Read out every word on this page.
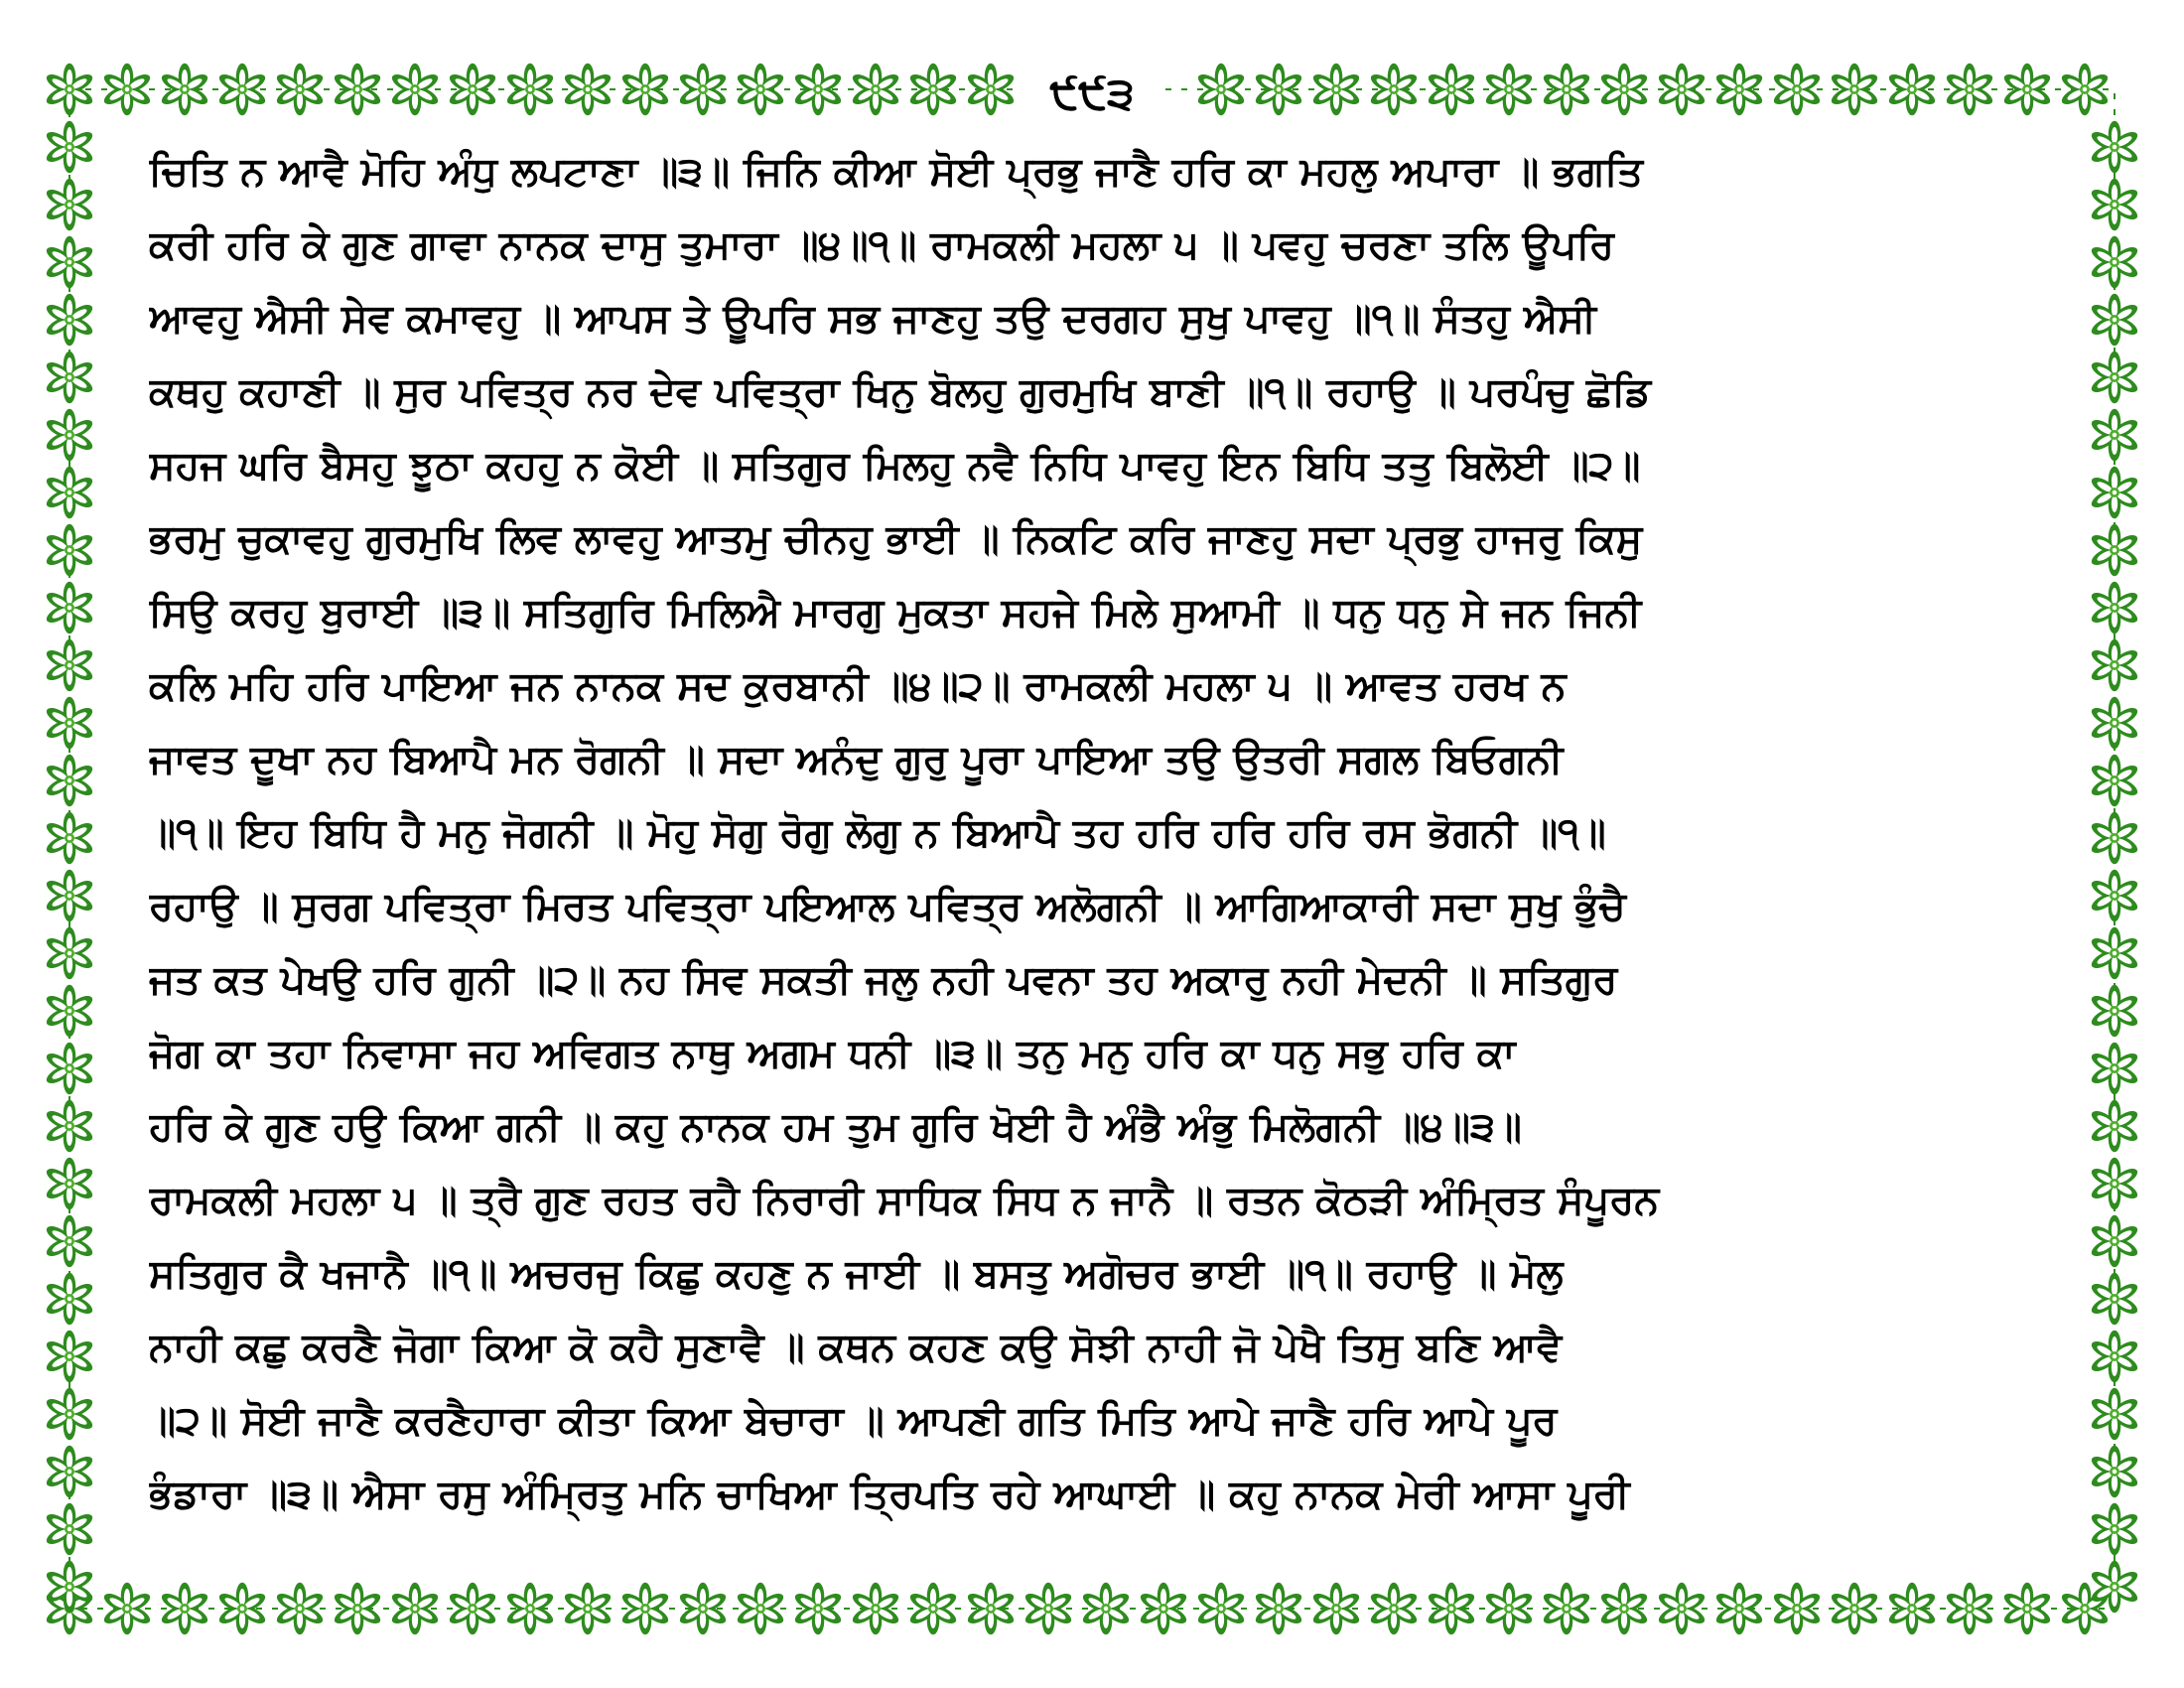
੯੯੩
ਚਿਤਿ ਨ ਆਵੈ ਮੋਹਿ ਅੰਧੁ ਲਪਟਾਣਾ ॥੩॥ ਜਿਨਿ ਕੀਆ ਸੋਈ ਪ੍ਰਭੁ ਜਾਣੈ ਹਰਿ ਕਾ ਮਹਲੁ ਅਪਾਰਾ ॥ ਭਗਤਿ
ਕਰੀ ਹਰਿ ਕੇ ਗੁਣ ਗਾਵਾ ਨਾਨਕ ਦਾਸੁ ਤੁਮਾਰਾ ॥੪॥੧॥ ਰਾਮਕਲੀ ਮਹਲਾ ੫ ॥ ਪਵਹੁ ਚਰਣਾ ਤਲਿ ਊਪਰਿ
ਆਵਹੁ ਐਸੀ ਸੇਵ ਕਮਾਵਹੁ ॥ ਆਪਸ ਤੇ ਊਪਰਿ ਸਭ ਜਾਣਹੁ ਤਉ ਦਰਗਹ ਸੁਖੁ ਪਾਵਹੁ ॥੧॥ ਸੰਤਹੁ ਐਸੀ
ਕਥਹੁ ਕਹਾਣੀ ॥ ਸੁਰ ਪਵਿਤ੍ਰ ਨਰ ਦੇਵ ਪਵਿਤ੍ਰਾ ਖਿਨੁ ਬੋਲਹੁ ਗੁਰਮੁਖਿ ਬਾਣੀ ॥੧॥ ਰਹਾਉ ॥ ਪਰਪੰਚੁ ਛੋਡਿ
ਸਹਜ ਘਰਿ ਬੈਸਹੁ ਝੂਠਾ ਕਹਹੁ ਨ ਕੋਈ ॥ ਸਤਿਗੁਰ ਮਿਲਹੁ ਨਵੈ ਨਿਧਿ ਪਾਵਹੁ ਇਨ ਬਿਧਿ ਤਤੁ ਬਿਲੋਈ ॥੨॥
ਭਰਮੁ ਚੁਕਾਵਹੁ ਗੁਰਮੁਖਿ ਲਿਵ ਲਾਵਹੁ ਆਤਮੁ ਚੀਨਹੁ ਭਾਈ ॥ ਨਿਕਟਿ ਕਰਿ ਜਾਣਹੁ ਸਦਾ ਪ੍ਰਭੁ ਹਾਜਰੁ ਕਿਸੁ
ਸਿਉ ਕਰਹੁ ਬੁਰਾਈ ॥੩॥ ਸਤਿਗੁਰਿ ਮਿਲਿਐ ਮਾਰਗੁ ਮੁਕਤਾ ਸਹਜੇ ਮਿਲੇ ਸੁਆਮੀ ॥ ਧਨੁ ਧਨੁ ਸੇ ਜਨ ਜਿਨੀ
ਕਲਿ ਮਹਿ ਹਰਿ ਪਾਇਆ ਜਨ ਨਾਨਕ ਸਦ ਕੁਰਬਾਨੀ ॥੪॥੨॥ ਰਾਮਕਲੀ ਮਹਲਾ ੫ ॥ ਆਵਤ ਹਰਖ ਨ
ਜਾਵਤ ਦੂਖਾ ਨਹ ਬਿਆਪੈ ਮਨ ਰੋਗਨੀ ॥ ਸਦਾ ਅਨੰਦੁ ਗੁਰੁ ਪੂਰਾ ਪਾਇਆ ਤਉ ਉਤਰੀ ਸਗਲ ਬਿਓਗਨੀ
॥੧॥ ਇਹ ਬਿਧਿ ਹੈ ਮਨੁ ਜੋਗਨੀ ॥ ਮੋਹੁ ਸੋਗੁ ਰੋਗੁ ਲੋਗੁ ਨ ਬਿਆਪੈ ਤਹ ਹਰਿ ਹਰਿ ਹਰਿ ਰਸ ਭੋਗਨੀ ॥੧॥
ਰਹਾਉ ॥ ਸੁਰਗ ਪਵਿਤ੍ਰਾ ਮਿਰਤ ਪਵਿਤ੍ਰਾ ਪਇਆਲ ਪਵਿਤ੍ਰ ਅਲੋਗਨੀ ॥ ਆਗਿਆਕਾਰੀ ਸਦਾ ਸੁਖੁ ਭੁੰਚੈ
ਜਤ ਕਤ ਪੇਖਉ ਹਰਿ ਗੁਨੀ ॥੨॥ ਨਹ ਸਿਵ ਸਕਤੀ ਜਲੁ ਨਹੀ ਪਵਨਾ ਤਹ ਅਕਾਰੁ ਨਹੀ ਮੇਦਨੀ ॥ ਸਤਿਗੁਰ
ਜੋਗ ਕਾ ਤਹਾ ਨਿਵਾਸਾ ਜਹ ਅਵਿਗਤ ਨਾਥੁ ਅਗਮ ਧਨੀ ॥੩॥ ਤਨੁ ਮਨੁ ਹਰਿ ਕਾ ਧਨੁ ਸਭੁ ਹਰਿ ਕਾ
ਹਰਿ ਕੇ ਗੁਣ ਹਉ ਕਿਆ ਗਨੀ ॥ ਕਹੁ ਨਾਨਕ ਹਮ ਤੁਮ ਗੁਰਿ ਖੋਈ ਹੈ ਅੰਭੈ ਅੰਭੁ ਮਿਲੋਗਨੀ ॥੪॥੩॥
ਰਾਮਕਲੀ ਮਹਲਾ ੫ ॥ ਤ੍ਰੈ ਗੁਣ ਰਹਤ ਰਹੈ ਨਿਰਾਰੀ ਸਾਧਿਕ ਸਿਧ ਨ ਜਾਨੈ ॥ ਰਤਨ ਕੋਠੜੀ ਅੰਮ੍ਰਿਤ ਸੰਪੂਰਨ
ਸਤਿਗੁਰ ਕੈ ਖਜਾਨੈ ॥੧॥ ਅਚਰਜੁ ਕਿਛੁ ਕਹਣੁ ਨ ਜਾਈ ॥ ਬਸਤੁ ਅਗੋਚਰ ਭਾਈ ॥੧॥ ਰਹਾਉ ॥ ਮੋਲੁ
ਨਾਹੀ ਕਛੁ ਕਰਣੈ ਜੋਗਾ ਕਿਆ ਕੋ ਕਹੈ ਸੁਣਾਵੈ ॥ ਕਥਨ ਕਹਣ ਕਉ ਸੋਝੀ ਨਾਹੀ ਜੋ ਪੇਖੈ ਤਿਸੁ ਬਣਿ ਆਵੈ
॥੨॥ ਸੋਈ ਜਾਣੈ ਕਰਣੈਹਾਰਾ ਕੀਤਾ ਕਿਆ ਬੇਚਾਰਾ ॥ ਆਪਣੀ ਗਤਿ ਮਿਤਿ ਆਪੇ ਜਾਣੈ ਹਰਿ ਆਪੇ ਪੂਰ
ਭੰਡਾਰਾ ॥੩॥ ਐਸਾ ਰਸੁ ਅੰਮ੍ਰਿਤੁ ਮਨਿ ਚਾਖਿਆ ਤ੍ਰਿਪਤਿ ਰਹੇ ਆਘਾਈ ॥ ਕਹੁ ਨਾਨਕ ਮੇਰੀ ਆਸਾ ਪੂਰੀ
